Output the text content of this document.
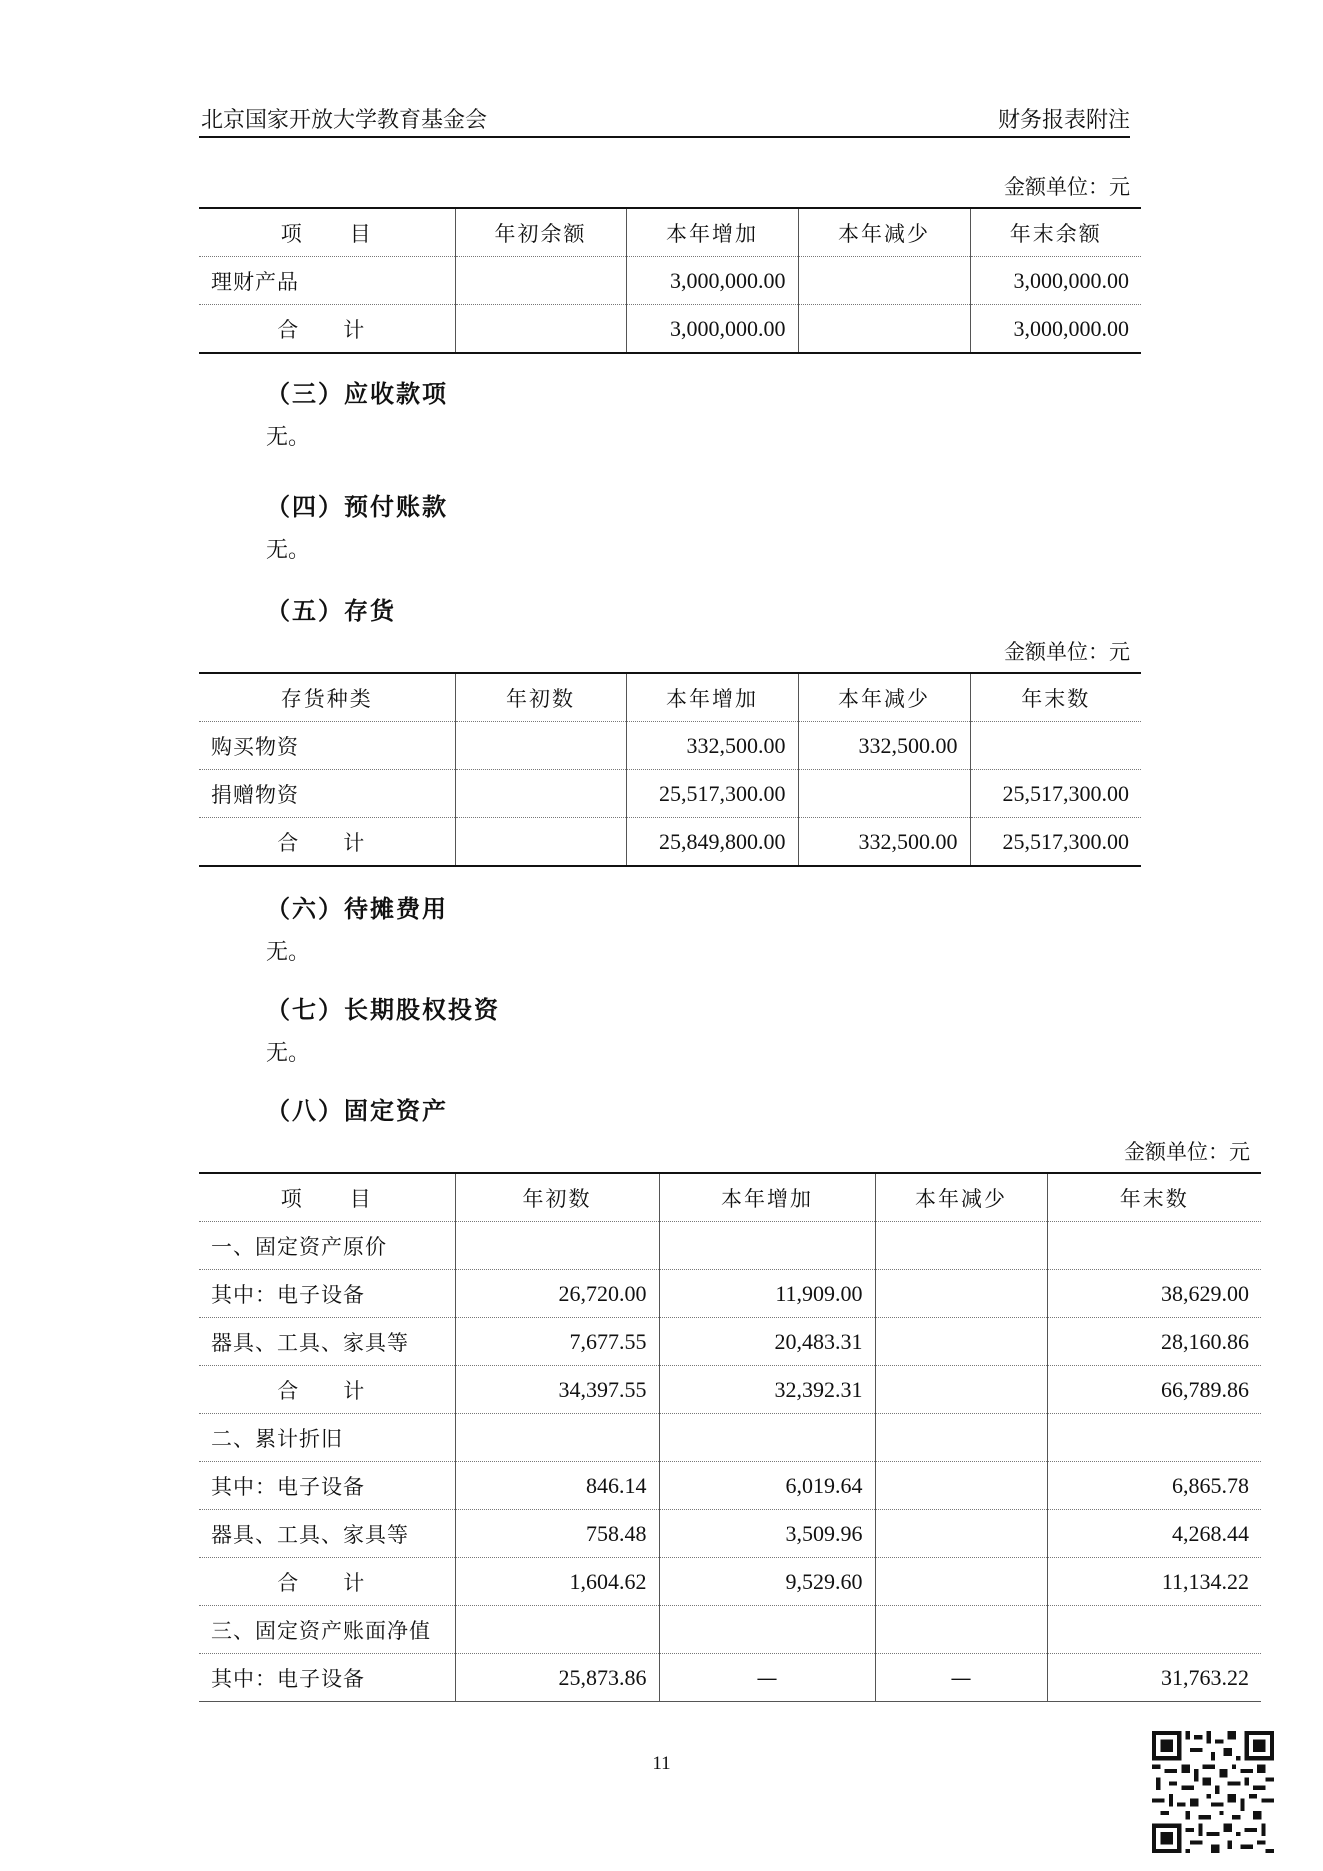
北京国家开放大学教育基金会	财务报表附注
金额单位：元
项　　目	年初余额	本年增加	本年减少	年末余额
理财产品		3,000,000.00		3,000,000.00
合　计		3,000,000.00		3,000,000.00
（三）应收款项
无。
（四）预付账款
无。
（五）存货
金额单位：元
存货种类	年初数	本年增加	本年减少	年末数
购买物资		332,500.00	332,500.00	
捐赠物资		25,517,300.00		25,517,300.00
合　计		25,849,800.00	332,500.00	25,517,300.00
（六）待摊费用
无。
（七）长期股权投资
无。
（八）固定资产
金额单位：元
项　　目	年初数	本年增加	本年减少	年末数
一、固定资产原价				
其中：电子设备	26,720.00	11,909.00		38,629.00
器具、工具、家具等	7,677.55	20,483.31		28,160.86
合　计	34,397.55	32,392.31		66,789.86
二、累计折旧				
其中：电子设备	846.14	6,019.64		6,865.78
器具、工具、家具等	758.48	3,509.96		4,268.44
合　计	1,604.62	9,529.60		11,134.22
三、固定资产账面净值				
其中：电子设备	25,873.86	—	—	31,763.22
11
